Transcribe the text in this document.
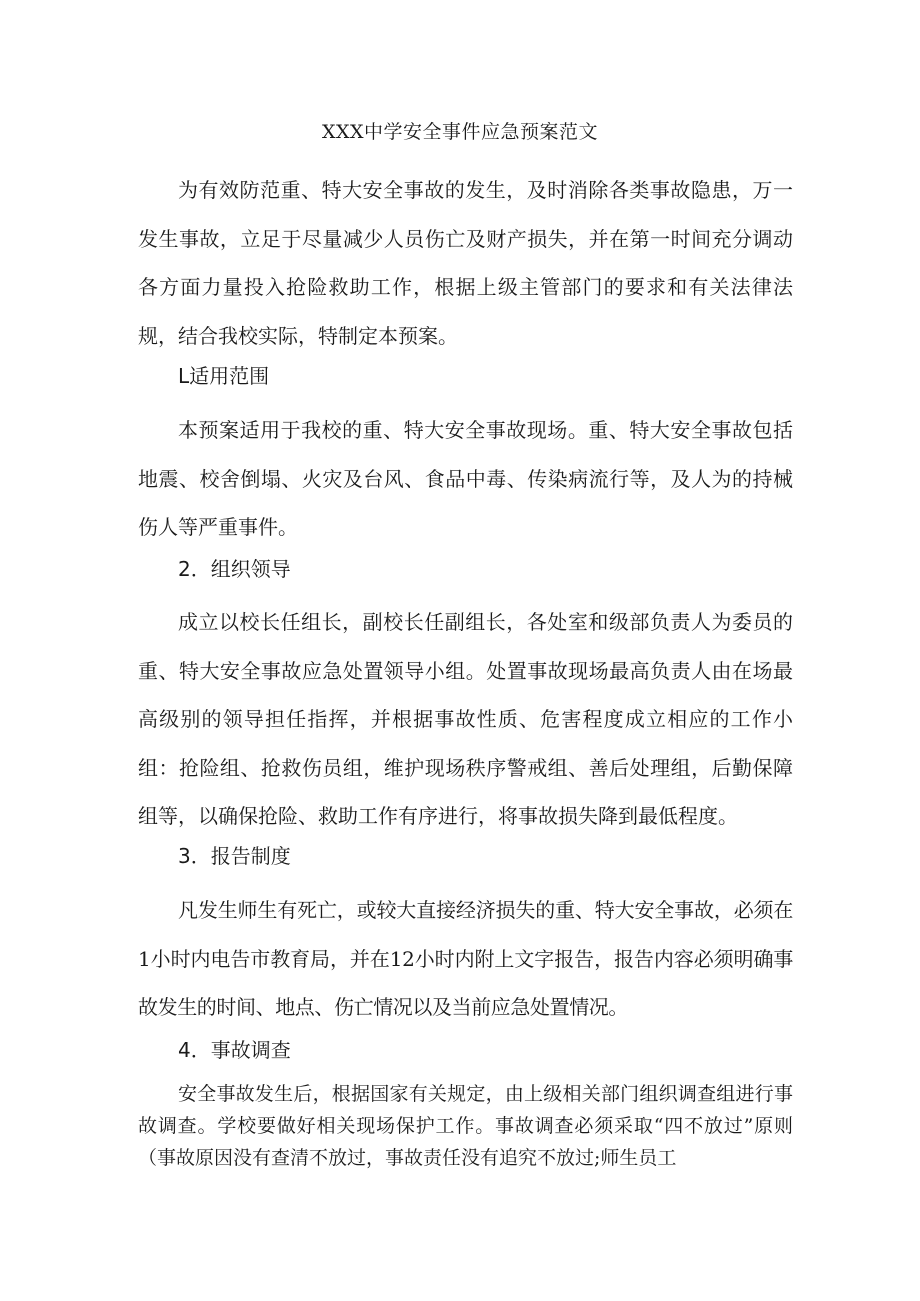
XXX中学安全事件应急预案范文

为有效防范重、特大安全事故的发生，及时消除各类事故隐患，万一发生事故，立足于尽量减少人员伤亡及财产损失，并在第一时间充分调动各方面力量投入抢险救助工作，根据上级主管部门的要求和有关法律法规，结合我校实际，特制定本预案。

L适用范围

本预案适用于我校的重、特大安全事故现场。重、特大安全事故包括地震、校舍倒塌、火灾及台风、食品中毒、传染病流行等，及人为的持械伤人等严重事件。

2．组织领导

成立以校长任组长，副校长任副组长，各处室和级部负责人为委员的重、特大安全事故应急处置领导小组。处置事故现场最高负责人由在场最高级别的领导担任指挥，并根据事故性质、危害程度成立相应的工作小组：抢险组、抢救伤员组，维护现场秩序警戒组、善后处理组，后勤保障组等，以确保抢险、救助工作有序进行，将事故损失降到最低程度。

3．报告制度

凡发生师生有死亡，或较大直接经济损失的重、特大安全事故，必须在1小时内电告市教育局，并在12小时内附上文字报告，报告内容必须明确事故发生的时间、地点、伤亡情况以及当前应急处置情况。

4．事故调查

安全事故发生后，根据国家有关规定，由上级相关部门组织调查组进行事故调查。学校要做好相关现场保护工作。事故调查必须采取“四不放过”原则（事故原因没有查清不放过，事故责任没有追究不放过;师生员工
